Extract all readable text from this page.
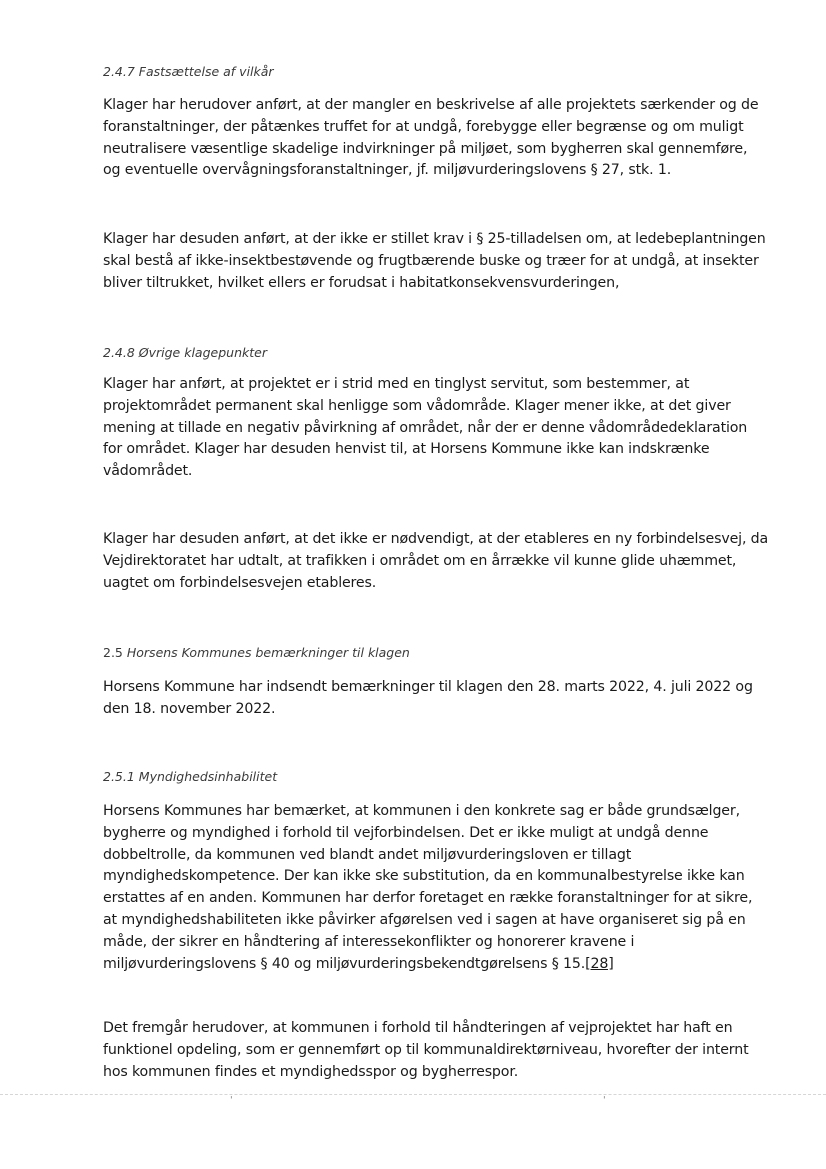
2.4.7 Fastsættelse af vilkår

Klager har herudover anført, at der mangler en beskrivelse af alle projektets særkender og de
foranstaltninger, der påtænkes truffet for at undgå, forebygge eller begrænse og om muligt
neutralisere væsentlige skadelige indvirkninger på miljøet, som bygherren skal gennemføre,
og eventuelle overvågningsforanstaltninger, jf. miljøvurderingslovens § 27, stk. 1.
Klager har desuden anført, at der ikke er stillet krav i § 25-tilladelsen om, at ledebeplantningen
skal bestå af ikke-insektbestøvende og frugtbærende buske og træer for at undgå, at insekter
bliver tiltrukket, hvilket ellers er forudsat i habitatkonsekvensvurderingen,

2.4.8 Øvrige klagepunkter

Klager har anført, at projektet er i strid med en tinglyst servitut, som bestemmer, at
projektområdet permanent skal henligge som vådområde. Klager mener ikke, at det giver
mening at tillade en negativ påvirkning af området, når der er denne vådområdedeklaration
for området. Klager har desuden henvist til, at Horsens Kommune ikke kan indskrænke
vådområdet.
Klager har desuden anført, at det ikke er nødvendigt, at der etableres en ny forbindelsesvej, da
Vejdirektoratet har udtalt, at trafikken i området om en årrække vil kunne glide uhæmmet,
uagtet om forbindelsesvejen etableres.

2.5 Horsens Kommunes bemærkninger til klagen

Horsens Kommune har indsendt bemærkninger til klagen den 28. marts 2022, 4. juli 2022 og
den 18. november 2022.

2.5.1 Myndighedsinhabilitet

Horsens Kommunes har bemærket, at kommunen i den konkrete sag er både grundsælger,
bygherre og myndighed i forhold til vejforbindelsen. Det er ikke muligt at undgå denne
dobbeltrolle, da kommunen ved blandt andet miljøvurderingsloven er tillagt
myndighedskompetence. Der kan ikke ske substitution, da en kommunalbestyrelse ikke kan
erstattes af en anden. Kommunen har derfor foretaget en række foranstaltninger for at sikre,
at myndighedshabiliteten ikke påvirker afgørelsen ved i sagen at have organiseret sig på en
måde, der sikrer en håndtering af interessekonflikter og honorerer kravene i
miljøvurderingslovens § 40 og miljøvurderingsbekendtgørelsens § 15.[28]
Det fremgår herudover, at kommunen i forhold til håndteringen af vejprojektet har haft en
funktionel opdeling, som er gennemført op til kommunaldirektørniveau, hvorefter der internt
hos kommunen findes et myndighedsspor og bygherrespor.
ˌ	ˌ
